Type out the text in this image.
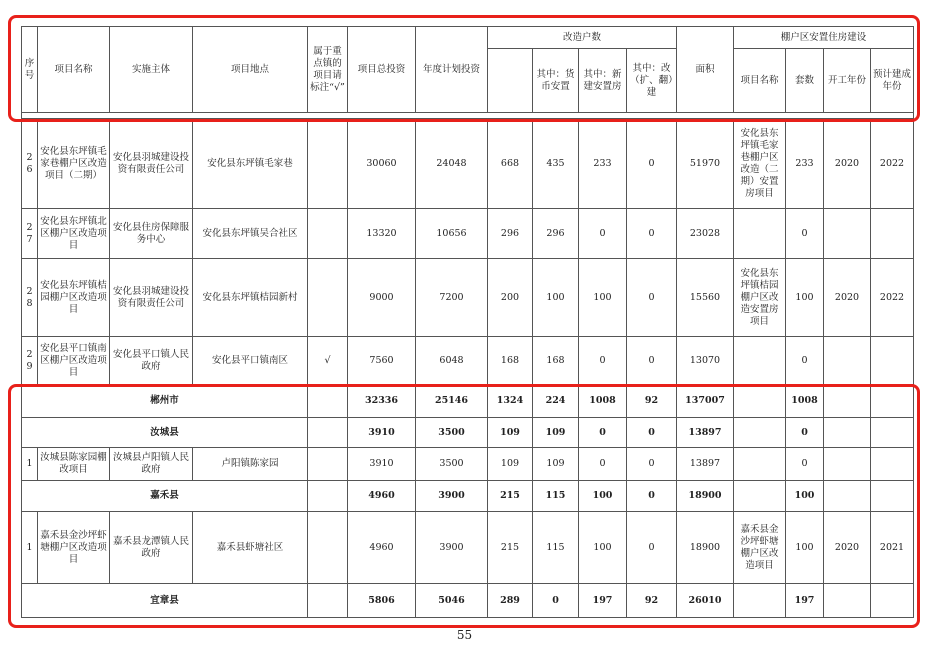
序号	项目名称	实施主体	项目地点	属于重点镇的项目请标注“√”	项目总投资	年度计划投资	改造户数				面积	棚户区安置住房建设			
								其中：货币安置	其中：新建安置房	其中：改（扩、翻）建		项目名称	套数	开工年份	预计建成年份

26	安化县东坪镇毛家巷棚户区改造项目（二期）	安化县羽城建设投资有限责任公司	安化县东坪镇毛家巷		30060	24048	668	435	233	0	51970	安化县东坪镇毛家巷棚户区改造（二期）安置房项目	233	2020	2022
27	安化县东坪镇北区棚户区改造项目	安化县住房保障服务中心	安化县东坪镇吴合社区		13320	10656	296	296	0	0	23028		0		
28	安化县东坪镇桔园棚户区改造项目	安化县羽城建设投资有限责任公司	安化县东坪镇桔园新村		9000	7200	200	100	100	0	15560	安化县东坪镇桔园棚户区改造安置房项目	100	2020	2022
29	安化县平口镇南区棚户区改造项目	安化县平口镇人民政府	安化县平口镇南区	√	7560	6048	168	168	0	0	13070		0		
郴州市					32336	25146	1324	224	1008	92	137007		1008		
汝城县					3910	3500	109	109	0	0	13897		0		
1	汝城县陈家园棚改项目	汝城县卢阳镇人民政府	卢阳镇陈家园		3910	3500	109	109	0	0	13897		0		
嘉禾县					4960	3900	215	115	100	0	18900		100		
1	嘉禾县金沙坪虾塘棚户区改造项目	嘉禾县龙潭镇人民政府	嘉禾县虾塘社区		4960	3900	215	115	100	0	18900	嘉禾县金沙坪虾塘棚户区改造项目	100	2020	2021
宜章县					5806	5046	289	0	197	92	26010		197		
55
